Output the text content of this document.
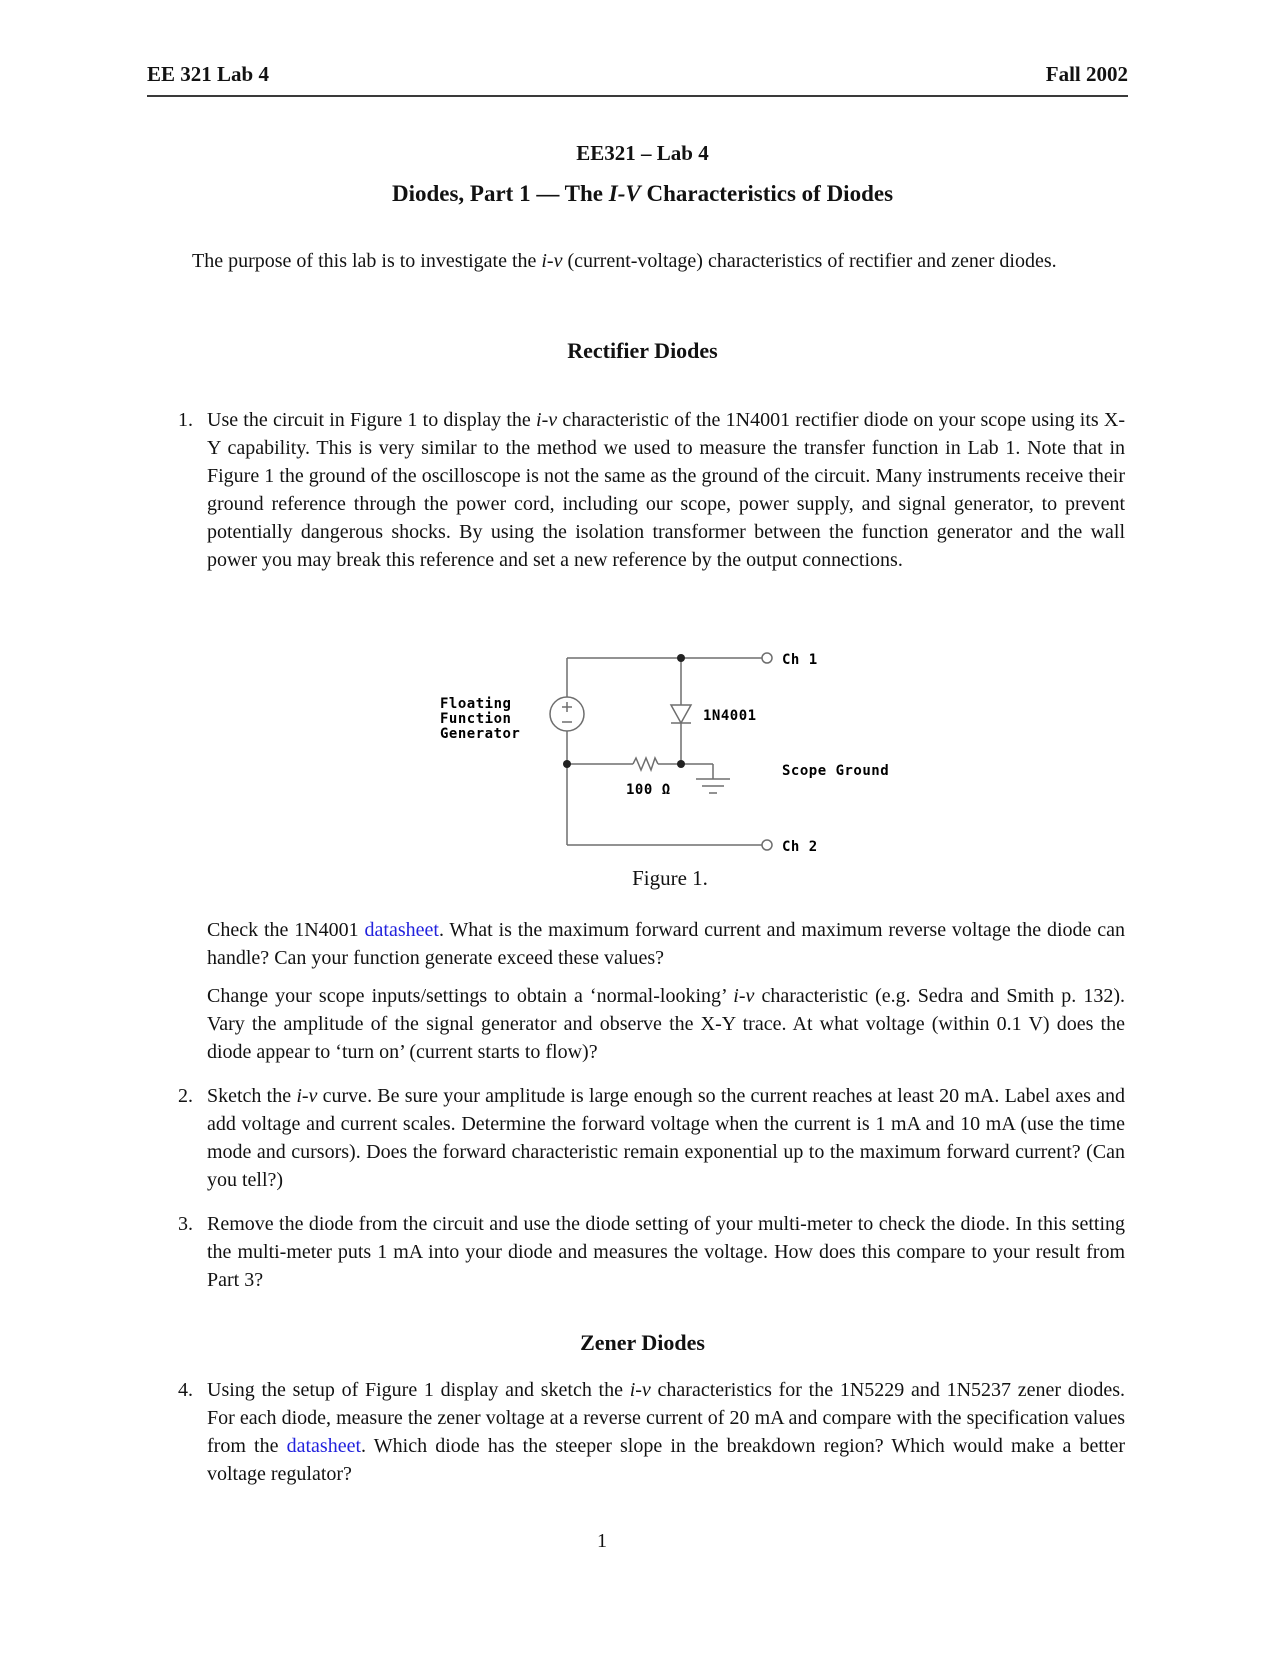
EE 321 Lab 4	Fall 2002
EE321 – Lab 4
Diodes, Part 1 — The I-V Characteristics of Diodes
The purpose of this lab is to investigate the i-v (current-voltage) characteristics of rectifier and zener diodes.
Rectifier Diodes
1. Use the circuit in Figure 1 to display the i-v characteristic of the 1N4001 rectifier diode on your scope using its X-Y capability. This is very similar to the method we used to measure the transfer function in Lab 1. Note that in Figure 1 the ground of the oscilloscope is not the same as the ground of the circuit. Many instruments receive their ground reference through the power cord, including our scope, power supply, and signal generator, to prevent potentially dangerous shocks. By using the isolation transformer between the function generator and the wall power you may break this reference and set a new reference by the output connections.
Floating
Function
Generator
1N4001
100 Ω
Ch 1
Ch 2
Scope Ground
Figure 1.
Check the 1N4001 datasheet. What is the maximum forward current and maximum reverse voltage the diode can handle? Can your function generate exceed these values?
Change your scope inputs/settings to obtain a ‘normal-looking’ i-v characteristic (e.g. Sedra and Smith p. 132). Vary the amplitude of the signal generator and observe the X-Y trace. At what voltage (within 0.1 V) does the diode appear to ‘turn on’ (current starts to flow)?
2. Sketch the i-v curve. Be sure your amplitude is large enough so the current reaches at least 20 mA. Label axes and add voltage and current scales. Determine the forward voltage when the current is 1 mA and 10 mA (use the time mode and cursors). Does the forward characteristic remain exponential up to the maximum forward current? (Can you tell?)
3. Remove the diode from the circuit and use the diode setting of your multi-meter to check the diode. In this setting the multi-meter puts 1 mA into your diode and measures the voltage. How does this compare to your result from Part 3?
Zener Diodes
4. Using the setup of Figure 1 display and sketch the i-v characteristics for the 1N5229 and 1N5237 zener diodes. For each diode, measure the zener voltage at a reverse current of 20 mA and compare with the specification values from the datasheet. Which diode has the steeper slope in the breakdown region? Which would make a better voltage regulator?
1
